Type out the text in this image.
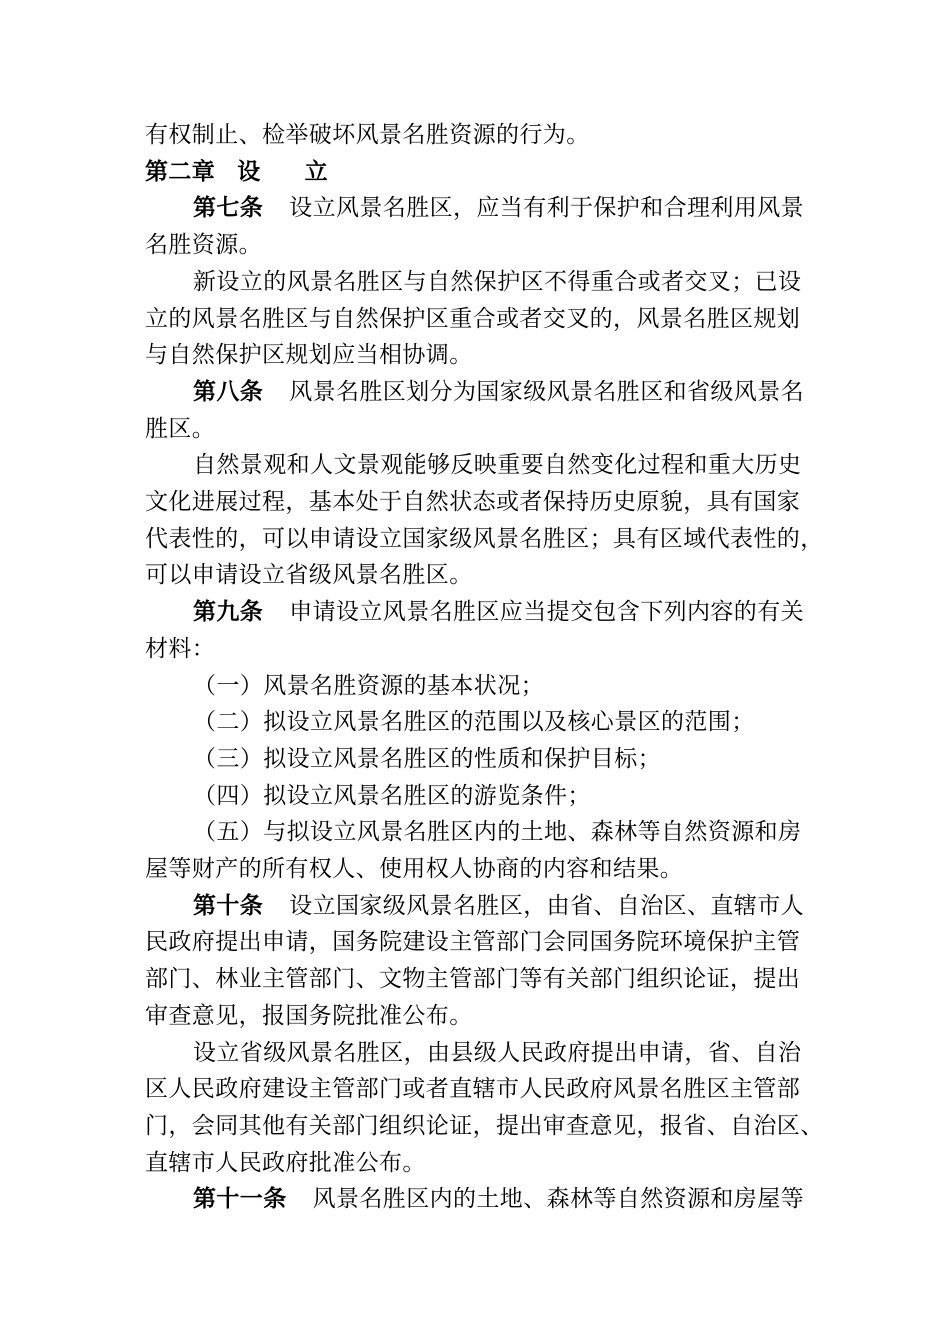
有权制止、检举破坏风景名胜资源的行为。
第二章 设 立
第七条 设立风景名胜区，应当有利于保护和合理利用风景
名胜资源。
新设立的风景名胜区与自然保护区不得重合或者交叉；已设
立的风景名胜区与自然保护区重合或者交叉的，风景名胜区规划
与自然保护区规划应当相协调。
第八条 风景名胜区划分为国家级风景名胜区和省级风景名
胜区。
自然景观和人文景观能够反映重要自然变化过程和重大历史
文化进展过程，基本处于自然状态或者保持历史原貌，具有国家
代表性的，可以申请设立国家级风景名胜区；具有区域代表性的，
可以申请设立省级风景名胜区。
第九条 申请设立风景名胜区应当提交包含下列内容的有关
材料：
（一）风景名胜资源的基本状况；
（二）拟设立风景名胜区的范围以及核心景区的范围；
（三）拟设立风景名胜区的性质和保护目标；
（四）拟设立风景名胜区的游览条件；
（五）与拟设立风景名胜区内的土地、森林等自然资源和房
屋等财产的所有权人、使用权人协商的内容和结果。
第十条 设立国家级风景名胜区，由省、自治区、直辖市人
民政府提出申请，国务院建设主管部门会同国务院环境保护主管
部门、林业主管部门、文物主管部门等有关部门组织论证，提出
审查意见，报国务院批准公布。
设立省级风景名胜区，由县级人民政府提出申请，省、自治
区人民政府建设主管部门或者直辖市人民政府风景名胜区主管部
门，会同其他有关部门组织论证，提出审查意见，报省、自治区、
直辖市人民政府批准公布。
第十一条 风景名胜区内的土地、森林等自然资源和房屋等
